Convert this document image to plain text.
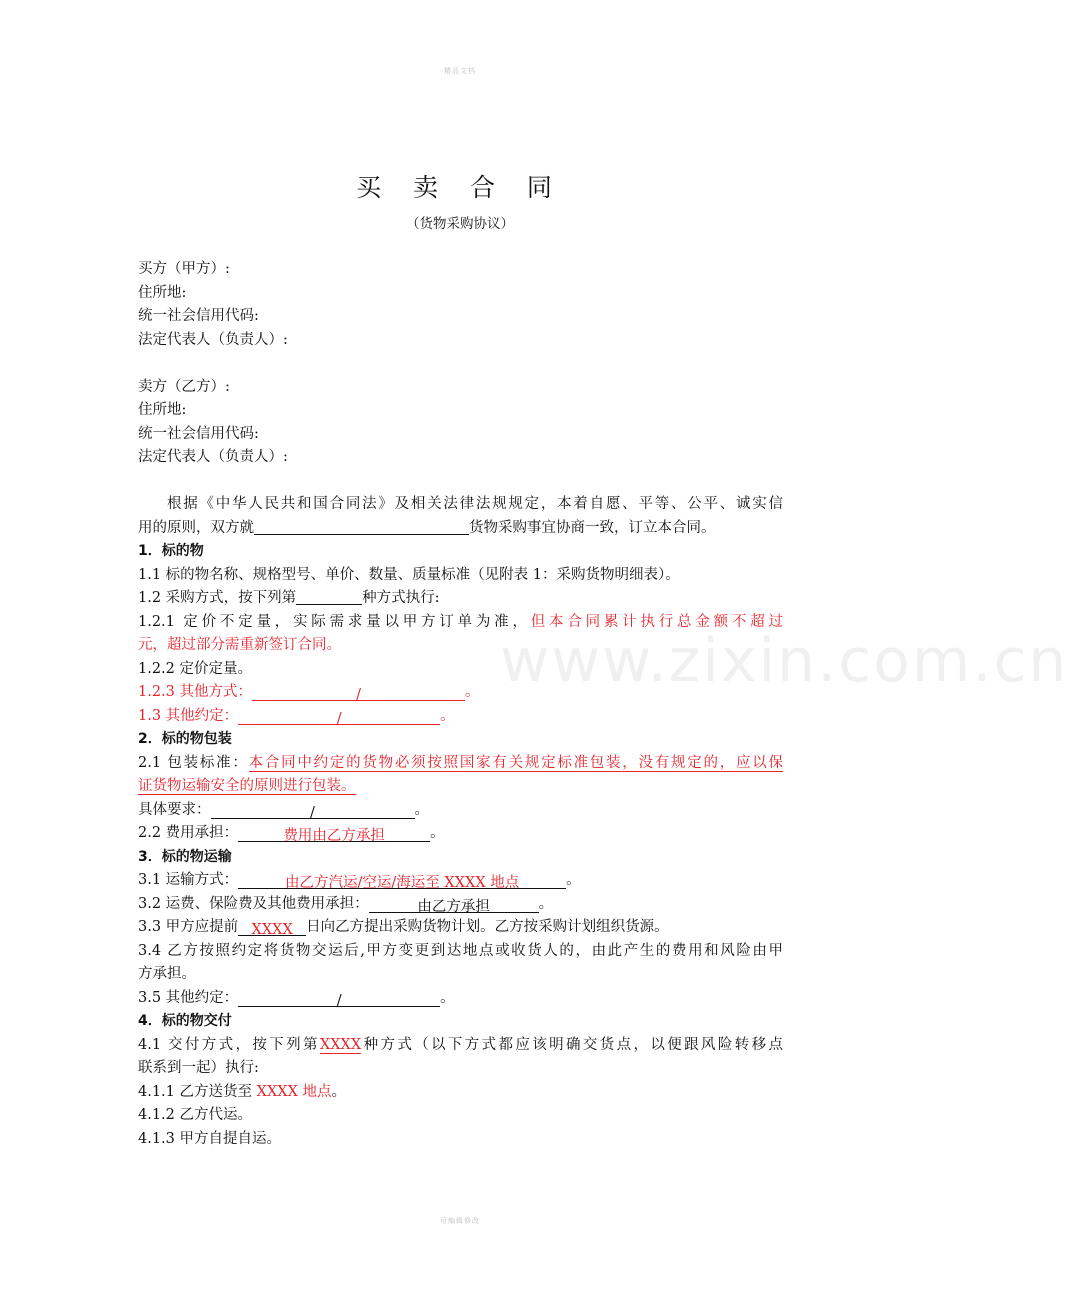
精品文档
www.zixin.com.cn
买 卖 合 同
（货物采购协议）
买方（甲方）:
住所地:
统一社会信用代码:
法定代表人（负责人）:
卖方（乙方）:
住所地:
统一社会信用代码:
法定代表人（负责人）:
根据《中华人民共和国合同法》及相关法律法规规定，本着自愿、平等、公平、诚实信
用的原则，双方就	货物采购事宜协商一致，订立本合同。
1．标的物
1.1 标的物名称、规格型号、单价、数量、质量标准（见附表 1：采购货物明细表）。
1.2 采购方式，按下列第	种方式执行:
1.2.1 定价不定量，实际需求量以甲方订单为准，但本合同累计执行总金额不超过
元，超过部分需重新签订合同。
1.2.2 定价定量。
1.2.3 其他方式：	/	。
1.3 其他约定：	/	。
2．标的物包装
2.1 包装标准：本合同中约定的货物必须按照国家有关规定标准包装，没有规定的，应以保
证货物运输安全的原则进行包装。
具体要求：	/	。
2.2 费用承担：	费用由乙方承担	。
3．标的物运输
3.1 运输方式：	由乙方汽运/空运/海运至 XXXX 地点	。
3.2 运费、保险费及其他费用承担：	由乙方承担	。
3.3 甲方应提前 XXXX 日向乙方提出采购货物计划。乙方按采购计划组织货源。
3.4 乙方按照约定将货物交运后,甲方变更到达地点或收货人的，由此产生的费用和风险由甲
方承担。
3.5 其他约定：	/	。
4．标的物交付
4.1 交付方式，按下列第XXXX种方式（以下方式都应该明确交货点，以便跟风险转移点
联系到一起）执行:
4.1.1 乙方送货至 XXXX 地点。
4.1.2 乙方代运。
4.1.3 甲方自提自运。
可编辑修改
